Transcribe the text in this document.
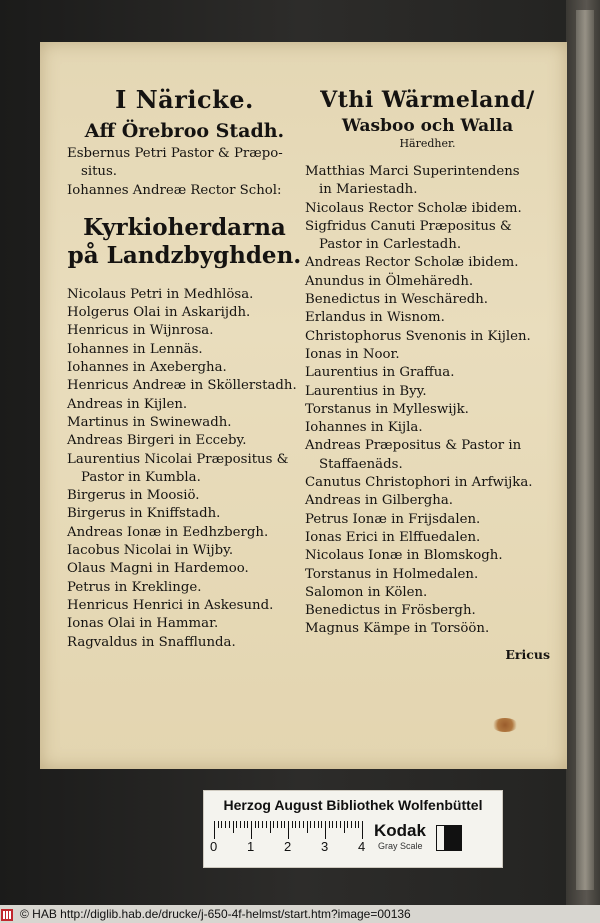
I Näricke.
Aff Örebroo Stadh.
Esbernus Petri Pastor & Præpo-
situs.
Iohannes Andreæ Rector Schol:
Kyrkioherdarna
på Landzbyghden.
Nicolaus Petri in Medhlösa.
Holgerus Olai in Askarijdh.
Henricus in Wijnrosa.
Iohannes in Lennäs.
Iohannes in Axebergha.
Henricus Andreæ in Sköllerstadh.
Andreas in Kijlen.
Martinus in Swinewadh.
Andreas Birgeri in Ecceby.
Laurentius Nicolai Præpositus &
Pastor in Kumbla.
Birgerus in Moosiö.
Birgerus in Kniffstadh.
Andreas Ionæ in Eedhzbergh.
Iacobus Nicolai in Wijby.
Olaus Magni in Hardemoo.
Petrus in Kreklinge.
Henricus Henrici in Askesund.
Ionas Olai in Hammar.
Ragvaldus in Snafflunda.
Vthi Wärmeland/
Wasboo och Walla
Häredher.
Matthias Marci Superintendens
in Mariestadh.
Nicolaus Rector Scholæ ibidem.
Sigfridus Canuti Præpositus &
Pastor in Carlestadh.
Andreas Rector Scholæ ibidem.
Anundus in Ölmehäredh.
Benedictus in Weschäredh.
Erlandus in Wisnom.
Christophorus Svenonis in Kijlen.
Ionas in Noor.
Laurentius in Graffua.
Laurentius in Byy.
Torstanus in Mylleswijk.
Iohannes in Kijla.
Andreas Præpositus & Pastor in
Staffaenäds.
Canutus Christophori in Arfwijka.
Andreas in Gilbergha.
Petrus Ionæ in Frijsdalen.
Ionas Erici in Elffuedalen.
Nicolaus Ionæ in Blomskogh.
Torstanus in Holmedalen.
Salomon in Kölen.
Benedictus in Frösbergh.
Magnus Kämpe in Torsöön.
Ericus
Herzog August Bibliothek Wolfenbüttel
0 1 2 3 4
Kodak
Gray Scale
© HAB http://diglib.hab.de/drucke/j-650-4f-helmst/start.htm?image=00136
